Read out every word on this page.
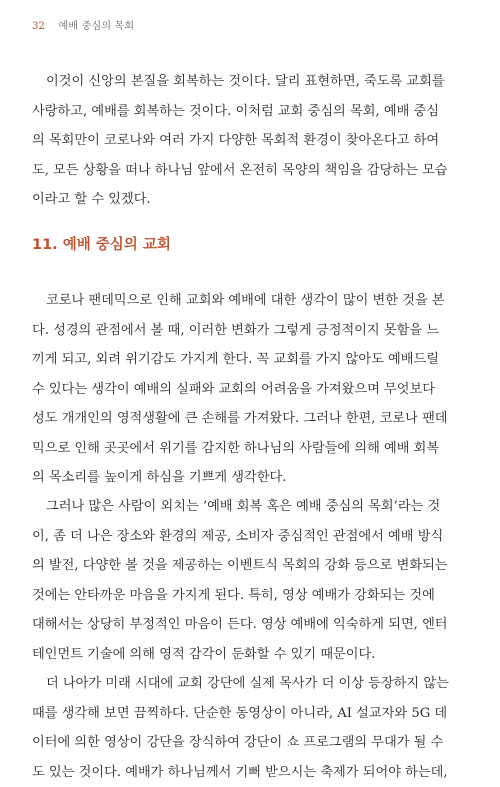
32 예배 중심의 목회

이것이 신앙의 본질을 회복하는 것이다. 달리 표현하면, 죽도록 교회를
사랑하고, 예배를 회복하는 것이다. 이처럼 교회 중심의 목회, 예배 중심
의 목회만이 코로나와 여러 가지 다양한 목회적 환경이 찾아온다고 하여
도, 모든 상황을 떠나 하나님 앞에서 온전히 목양의 책임을 감당하는 모습
이라고 할 수 있겠다.

11. 예배 중심의 교회

코로나 팬데믹으로 인해 교회와 예배에 대한 생각이 많이 변한 것을 본
다. 성경의 관점에서 볼 때, 이러한 변화가 그렇게 긍정적이지 못함을 느
끼게 되고, 외려 위기감도 가지게 한다. 꼭 교회를 가지 않아도 예배드릴
수 있다는 생각이 예배의 실패와 교회의 어려움을 가져왔으며 무엇보다
성도 개개인의 영적생활에 큰 손해를 가져왔다. 그러나 한편, 코로나 팬데
믹으로 인해 곳곳에서 위기를 감지한 하나님의 사람들에 의해 예배 회복
의 목소리를 높이게 하심을 기쁘게 생각한다.

그러나 많은 사람이 외치는 ‘예배 회복 혹은 예배 중심의 목회’라는 것
이, 좀 더 나은 장소와 환경의 제공, 소비자 중심적인 관점에서 예배 방식
의 발전, 다양한 볼 것을 제공하는 이벤트식 목회의 강화 등으로 변화되는
것에는 안타까운 마음을 가지게 된다. 특히, 영상 예배가 강화되는 것에
대해서는 상당히 부정적인 마음이 든다. 영상 예배에 익숙하게 되면, 엔터
테인먼트 기술에 의해 영적 감각이 둔화할 수 있기 때문이다.

더 나아가 미래 시대에 교회 강단에 실제 목사가 더 이상 등장하지 않는
때를 생각해 보면 끔찍하다. 단순한 동영상이 아니라, AI 설교자와 5G 데
이터에 의한 영상이 강단을 장식하여 강단이 쇼 프로그램의 무대가 될 수
도 있는 것이다. 예배가 하나님께서 기뻐 받으시는 축제가 되어야 하는데,
